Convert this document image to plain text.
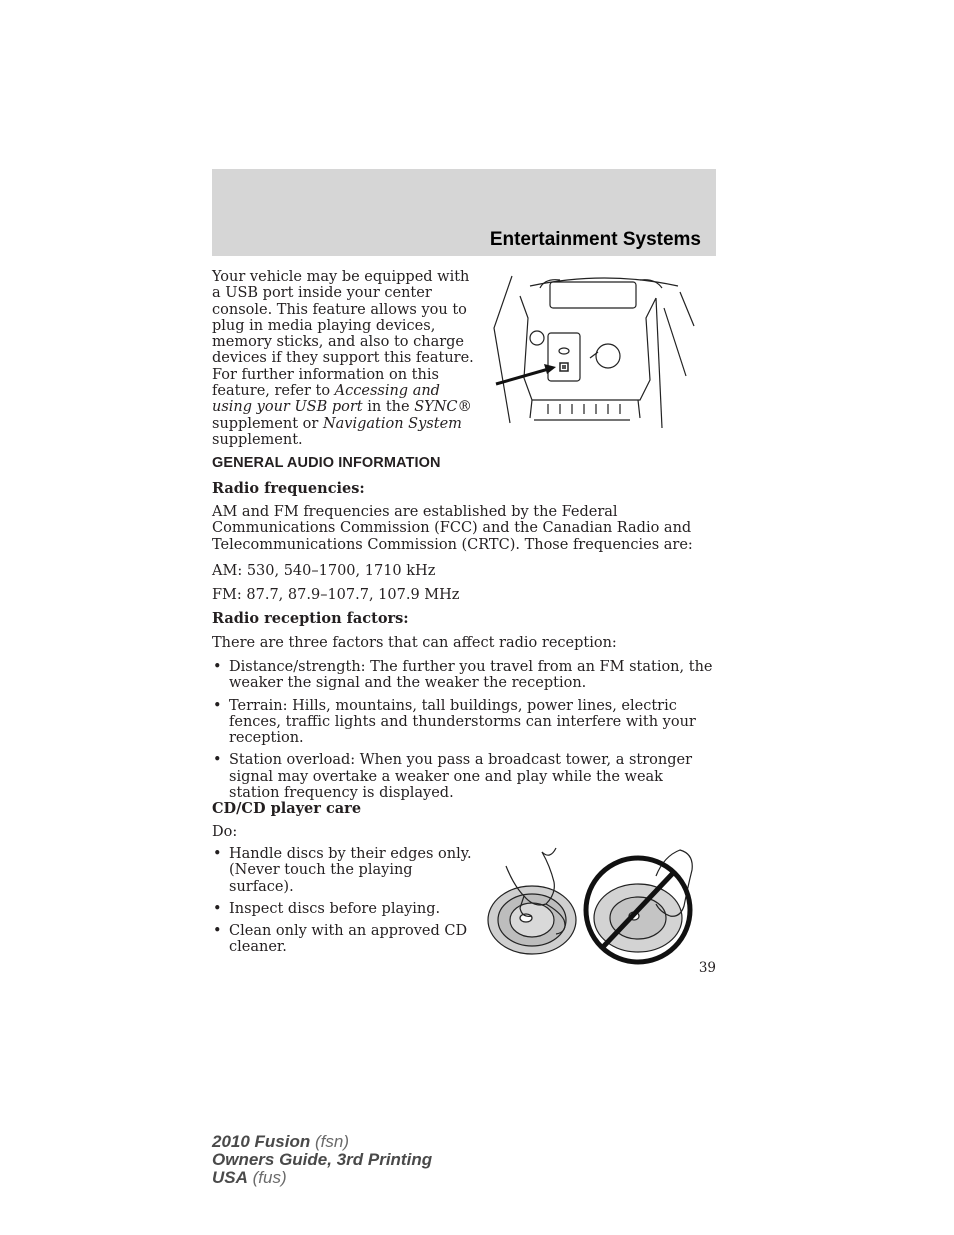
Entertainment Systems

Your vehicle may be equipped with a USB port inside your center console. This feature allows you to plug in media playing devices, memory sticks, and also to charge devices if they support this feature. For further information on this feature, refer to Accessing and using your USB port in the SYNC® supplement or Navigation System supplement.

GENERAL AUDIO INFORMATION

Radio frequencies:

AM and FM frequencies are established by the Federal Communications Commission (FCC) and the Canadian Radio and Telecommunications Commission (CRTC). Those frequencies are:

AM: 530, 540–1700, 1710 kHz

FM: 87.7, 87.9–107.7, 107.9 MHz

Radio reception factors:

There are three factors that can affect radio reception:

• Distance/strength: The further you travel from an FM station, the weaker the signal and the weaker the reception.
• Terrain: Hills, mountains, tall buildings, power lines, electric fences, traffic lights and thunderstorms can interfere with your reception.
• Station overload: When you pass a broadcast tower, a stronger signal may overtake a weaker one and play while the weak station frequency is displayed.

CD/CD player care

Do:

• Handle discs by their edges only. (Never touch the playing surface).
• Inspect discs before playing.
• Clean only with an approved CD cleaner.
39
2010 Fusion (fsn)
Owners Guide, 3rd Printing
USA (fus)
